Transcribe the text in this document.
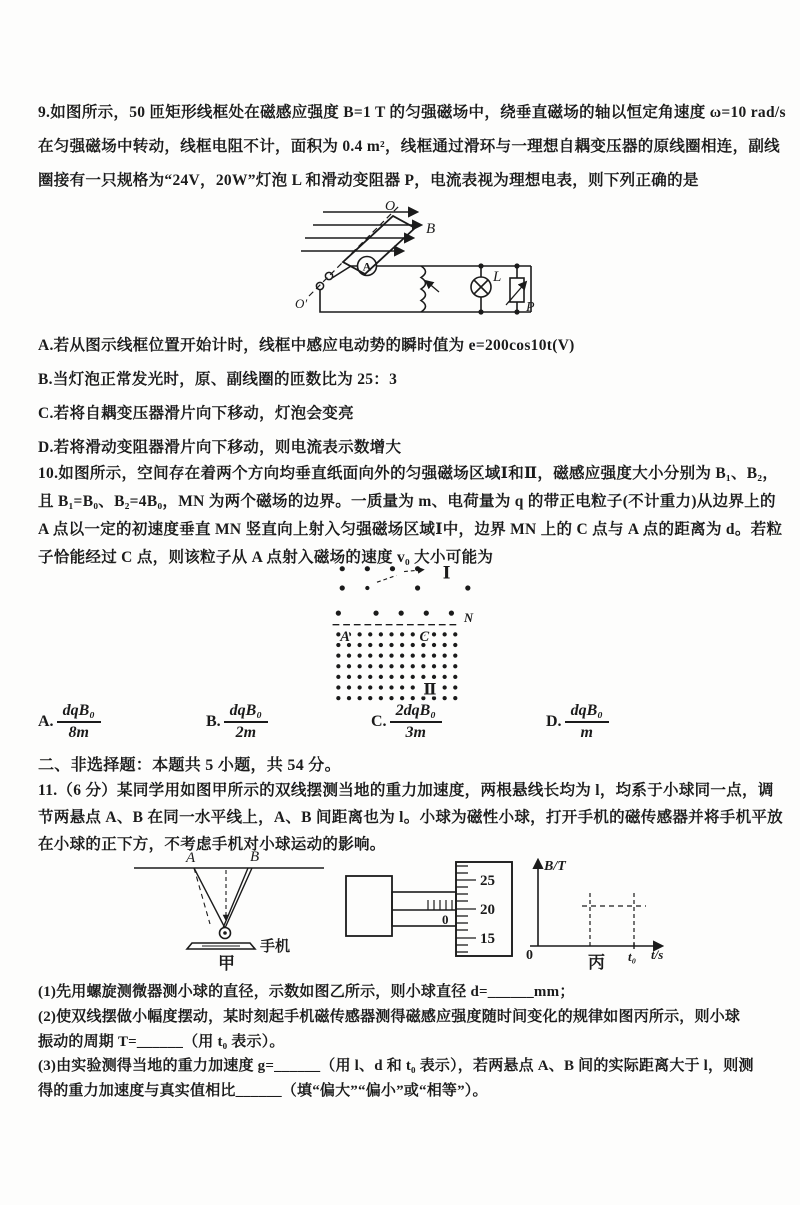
9.如图所示，50 匝矩形线框处在磁感应强度 B=1 T 的匀强磁场中，绕垂直磁场的轴以恒定角速度 ω=10 rad/s

在匀强磁场中转动，线框电阻不计，面积为 0.4 m²，线框通过滑环与一理想自耦变压器的原线圈相连，副线

圈接有一只规格为“24V，20W”灯泡 L 和滑动变阻器 P，电流表视为理想电表，则下列正确的是

B
O
O′
A
L
P

A.若从图示线框位置开始计时，线框中感应电动势的瞬时值为 e=200cos10t(V)

B.当灯泡正常发光时，原、副线圈的匝数比为 25：3

C.若将自耦变压器滑片向下移动，灯泡会变亮

D.若将滑动变阻器滑片向下移动，则电流表示数增大

10.如图所示，空间存在着两个方向均垂直纸面向外的匀强磁场区域Ⅰ和Ⅱ，磁感应强度大小分别为 B₁、B₂，

且 B₁=B₀、B₂=4B₀，MN 为两个磁场的边界。一质量为 m、电荷量为 q 的带正电粒子(不计重力)从边界上的

A 点以一定的初速度垂直 MN 竖直向上射入匀强磁场区域Ⅰ中，边界 MN 上的 C 点与 A 点的距离为 d。若粒

子恰能经过 C 点，则该粒子从 A 点射入磁场的速度 v₀ 大小可能为

Ⅰ
N
A	C
Ⅱ
A. $\frac{\text{dqB₀}}{8m}$	B. $\frac{\text{dqB₀}}{2m}$	C. $\frac{\text{2dqB₀}}{3m}$	D. $\frac{\text{dqB₀}}{m}$

二、非选择题：本题共 5 小题，共 54 分。

11.（6 分）某同学用如图甲所示的双线摆测当地的重力加速度，两根悬线长均为 l，均系于小球同一点，调

节两悬点 A、B 在同一水平线上，A、B 间距离也为 l。小球为磁性小球，打开手机的磁传感器并将手机平放

在小球的正下方，不考虑手机对小球运动的影响。

A	B
手机
甲
0
25
20
15
B/T
0	t₀ t/s
丙

(1)先用螺旋测微器测小球的直径，示数如图乙所示，则小球直径 d=______mm；

(2)使双线摆做小幅度摆动，某时刻起手机磁传感器测得磁感应强度随时间变化的规律如图丙所示，则小球

振动的周期 T=______（用 t₀ 表示）。

(3)由实验测得当地的重力加速度 g=______（用 l、d 和 t₀ 表示），若两悬点 A、B 间的实际距离大于 l，则测

得的重力加速度与真实值相比______（填“偏大”“偏小”或“相等”）。
